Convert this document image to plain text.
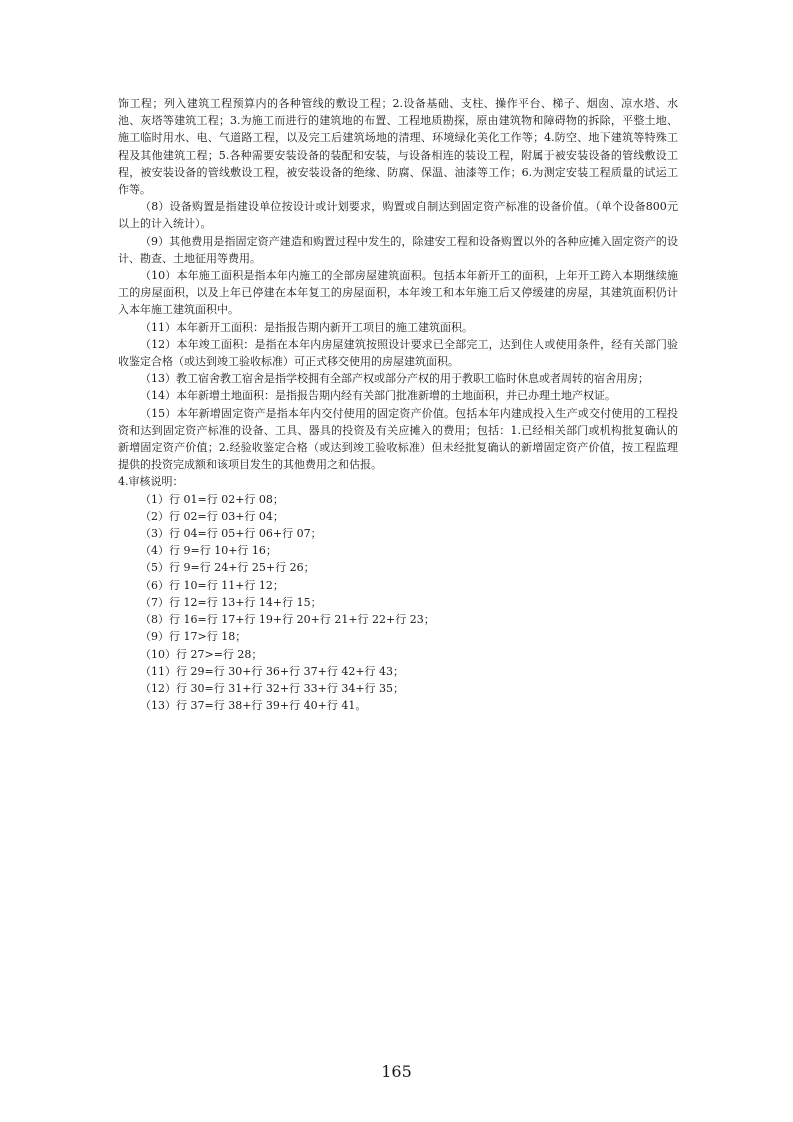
饰工程；列入建筑工程预算内的各种管线的敷设工程；2.设备基础、支柱、操作平台、梯子、烟囱、凉水塔、水池、灰塔等建筑工程；3.为施工而进行的建筑地的布置、工程地质勘探，原由建筑物和障碍物的拆除，平整土地、施工临时用水、电、气道路工程，以及完工后建筑场地的清理、环境绿化美化工作等；4.防空、地下建筑等特殊工程及其他建筑工程；5.各种需要安装设备的装配和安装，与设备相连的装设工程，附属于被安装设备的管线敷设工程，被安装设备的管线敷设工程，被安装设备的绝缘、防腐、保温、油漆等工作；6.为测定安装工程质量的试运工作等。

（8）设备购置是指建设单位按设计或计划要求，购置或自制达到固定资产标准的设备价值。（单个设备800元以上的计入统计）。

（9）其他费用是指固定资产建造和购置过程中发生的，除建安工程和设备购置以外的各种应摊入固定资产的设计、勘查、土地征用等费用。

（10）本年施工面积是指本年内施工的全部房屋建筑面积。包括本年新开工的面积，上年开工跨入本期继续施工的房屋面积，以及上年已停建在本年复工的房屋面积，本年竣工和本年施工后又停缓建的房屋，其建筑面积仍计入本年施工建筑面积中。

（11）本年新开工面积：是指报告期内新开工项目的施工建筑面积。

（12）本年竣工面积：是指在本年内房屋建筑按照设计要求已全部完工，达到住人或使用条件，经有关部门验收鉴定合格（或达到竣工验收标准）可正式移交使用的房屋建筑面积。

（13）教工宿舍教工宿舍是指学校拥有全部产权或部分产权的用于教职工临时休息或者周转的宿舍用房；

（14）本年新增土地面积：是指报告期内经有关部门批准新增的土地面积，并已办理土地产权证。

（15）本年新增固定资产是指本年内交付使用的固定资产价值。包括本年内建成投入生产或交付使用的工程投资和达到固定资产标准的设备、工具、器具的投资及有关应摊入的费用；包括：1.已经相关部门或机构批复确认的新增固定资产价值；2.经验收鉴定合格（或达到竣工验收标准）但未经批复确认的新增固定资产价值，按工程监理提供的投资完成额和该项目发生的其他费用之和估报。

4.审核说明：

（1）行 01=行 02+行 08；
（2）行 02=行 03+行 04；
（3）行 04=行 05+行 06+行 07；
（4）行 9=行 10+行 16；
（5）行 9=行 24+行 25+行 26；
（6）行 10=行 11+行 12；
（7）行 12=行 13+行 14+行 15；
（8）行 16=行 17+行 19+行 20+行 21+行 22+行 23；
（9）行 17>行 18；
（10）行 27>=行 28；
（11）行 29=行 30+行 36+行 37+行 42+行 43；
（12）行 30=行 31+行 32+行 33+行 34+行 35；
（13）行 37=行 38+行 39+行 40+行 41。
165
